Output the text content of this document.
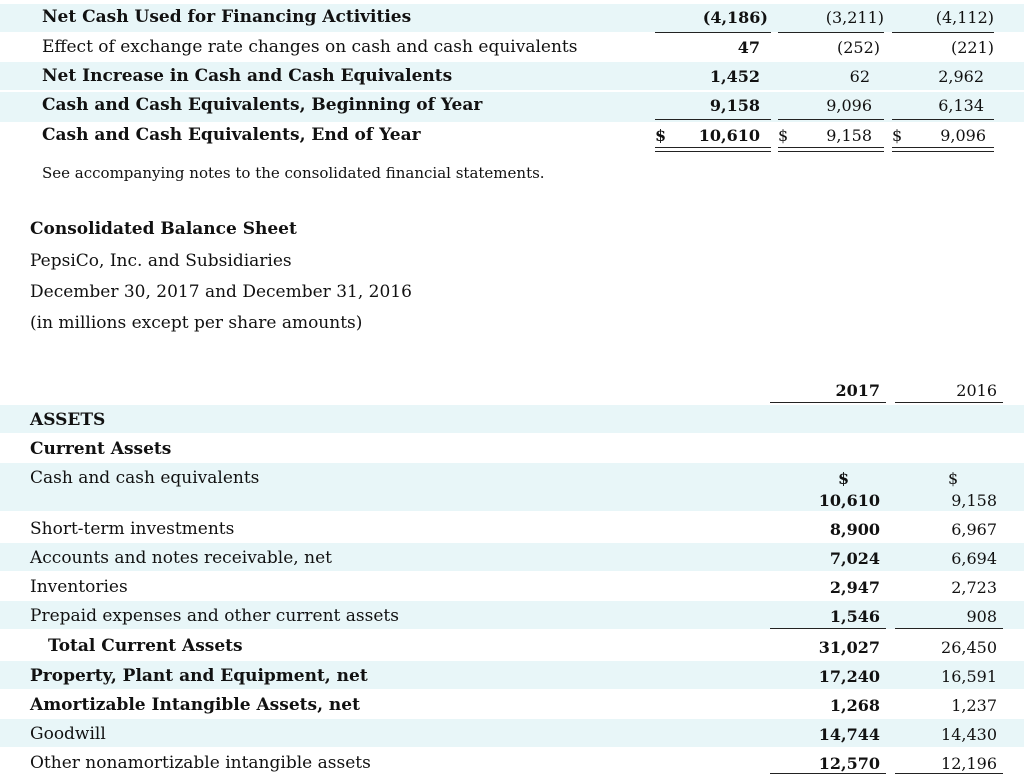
Net Cash Used for Financing Activities	(4,186)	(3,211)	(4,112)
Effect of exchange rate changes on cash and cash equivalents	47	(252)	(221)
Net Increase in Cash and Cash Equivalents	1,452	62	2,962
Cash and Cash Equivalents, Beginning of Year	9,158	9,096	6,134
Cash and Cash Equivalents, End of Year	$	10,610 $	9,158 $	9,096
See accompanying notes to the consolidated financial statements.
Consolidated Balance Sheet
PepsiCo, Inc. and Subsidiaries
December 30, 2017 and December 31, 2016
(in millions except per share amounts)
2017	2016
ASSETS
Current Assets
Cash and cash equivalents	$	$
10,610	9,158
Short-term investments	8,900	6,967
Accounts and notes receivable, net	7,024	6,694
Inventories	2,947	2,723
Prepaid expenses and other current assets	1,546	908
Total Current Assets	31,027	26,450
Property, Plant and Equipment, net	17,240	16,591
Amortizable Intangible Assets, net	1,268	1,237
Goodwill	14,744	14,430
Other nonamortizable intangible assets	12,570	12,196
